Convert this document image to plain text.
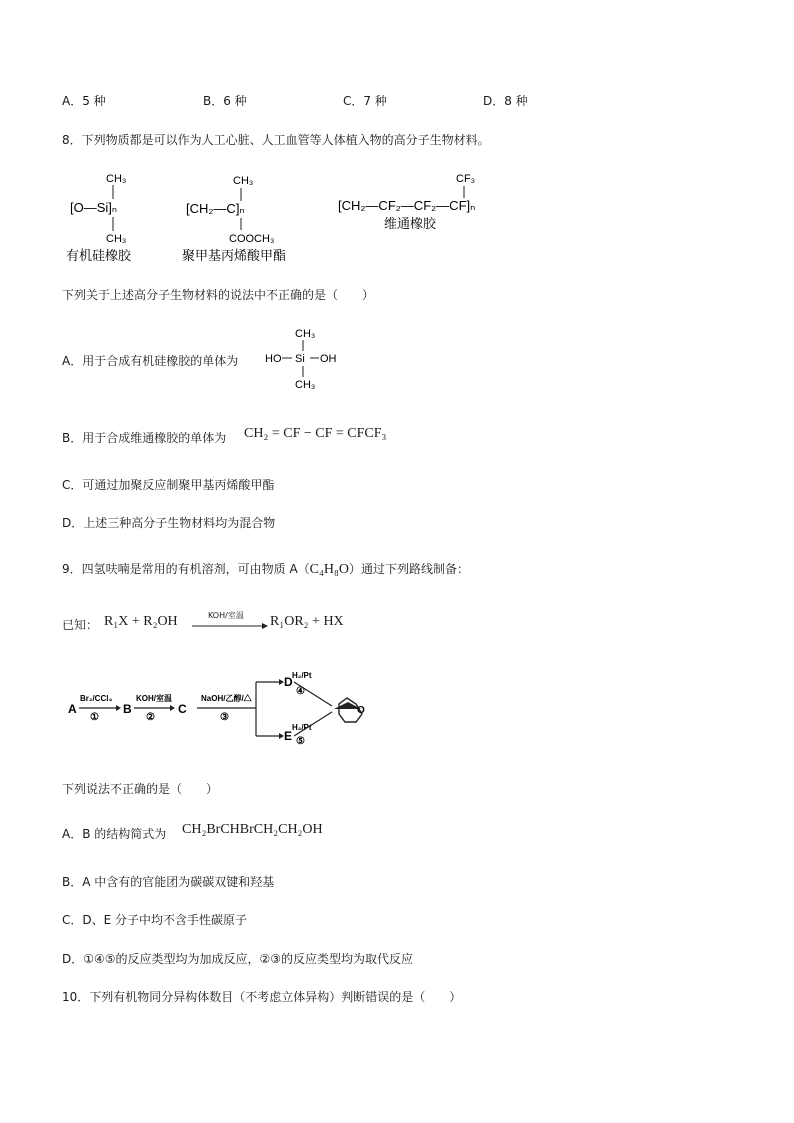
A．5 种	B．6 种	C．7 种	D．8 种
8．下列物质都是可以作为人工心脏、人工血管等人体植入物的高分子生物材料。
CH₃
[O—Si]ₙ
CH₃
有机硅橡胶
CH₃
[CH₂—C]ₙ
COOCH₃
聚甲基丙烯酸甲酯
CF₃
[CH₂—CF₂—CF₂—CF]ₙ
维通橡胶
下列关于上述高分子生物材料的说法中不正确的是（　　）
A．用于合成有机硅橡胶的单体为
CH₃
HO Si OH
CH₃
B．用于合成维通橡胶的单体为 CH₂ = CF − CF = CFCF₃
C．可通过加聚反应制聚甲基丙烯酸甲酯
D．上述三种高分子生物材料均为混合物
9．四氢呋喃是常用的有机溶剂，可由物质 A（C₄H₈O）通过下列路线制备：
已知： R₁X + R₂OH	KOH/室温 R₁OR₂ + HX
A
Br₂/CCl₄
①
B
KOH/室温
②
C
NaOH/乙醇/△
③
D H₂/Pt
④
E
H₂/Pt
⑤
O
下列说法不正确的是（　　）
A．B 的结构简式为 CH₂BrCHBrCH₂CH₂OH
B．A 中含有的官能团为碳碳双键和羟基
C．D、E 分子中均不含手性碳原子
D．①④⑤的反应类型均为加成反应，②③的反应类型均为取代反应
10．下列有机物同分异构体数目（不考虑立体异构）判断错误的是（　　）
